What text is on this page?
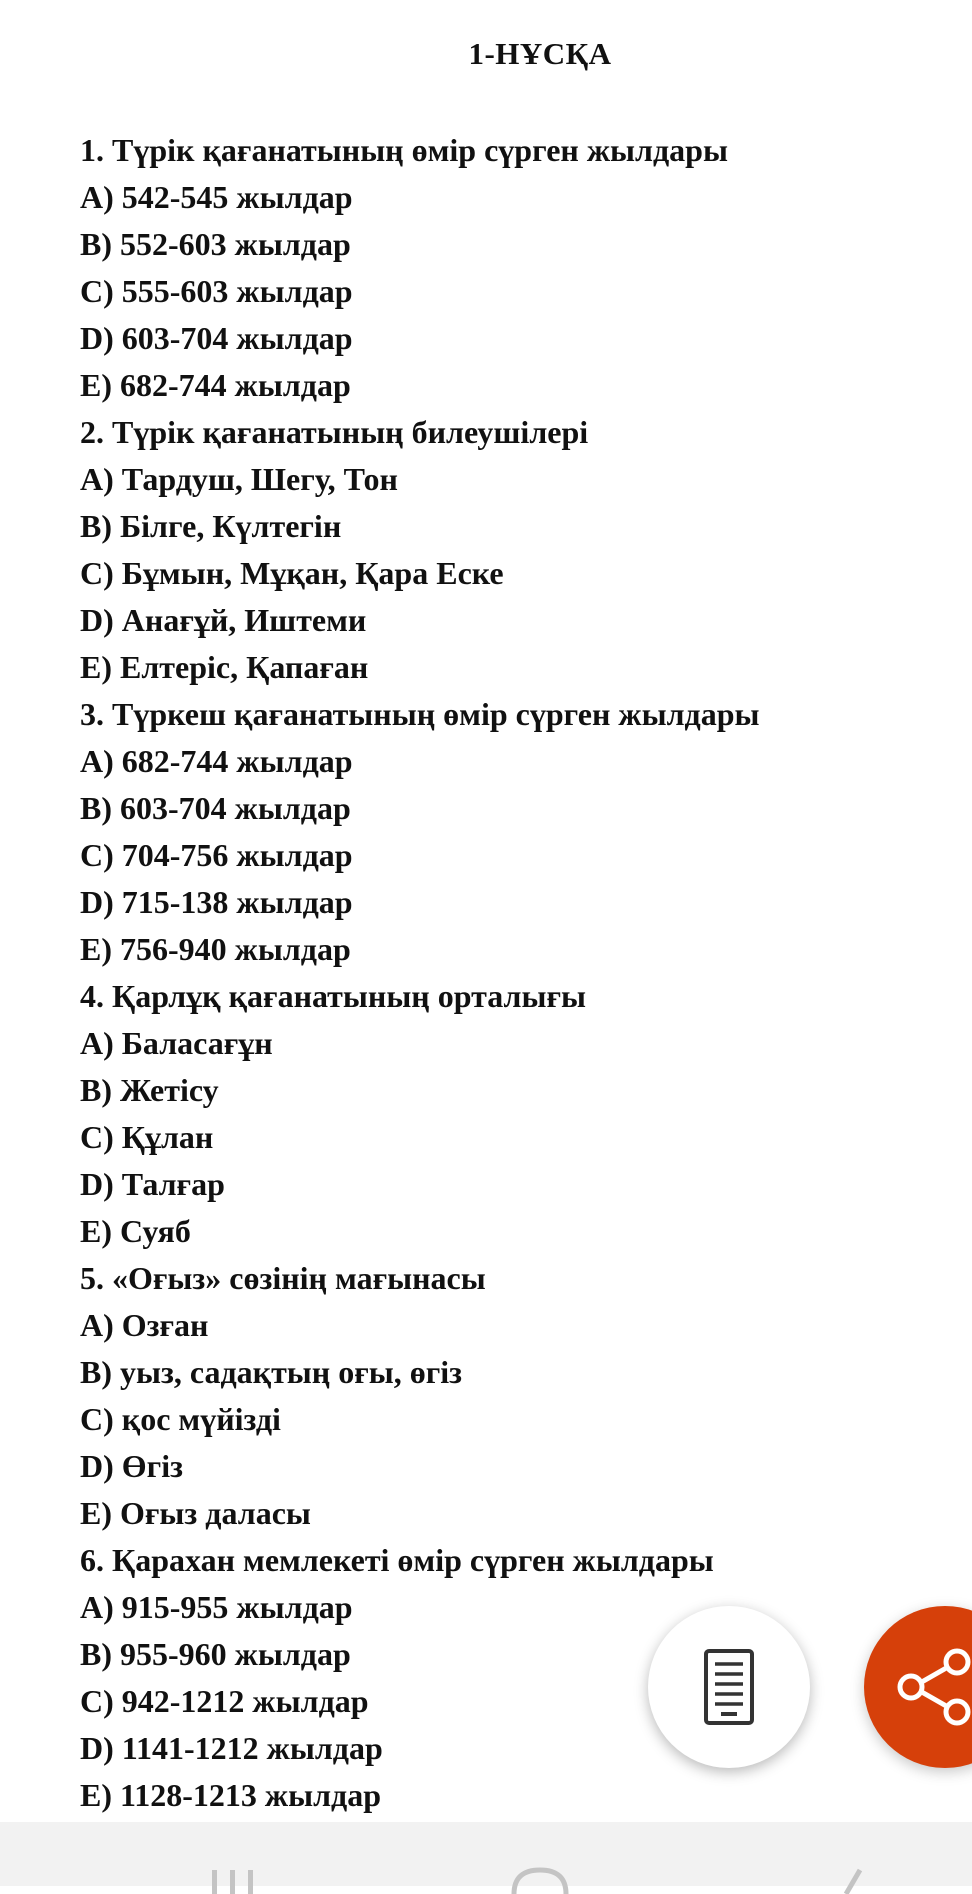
1-НҰСҚА
1. Түрік қағанатының өмір сүрген жылдары
А) 542-545 жылдар
В) 552-603 жылдар
С) 555-603 жылдар
D) 603-704 жылдар
Е) 682-744 жылдар
2. Түрік қағанатының билеушілері
А) Тардуш, Шегу, Тон
В) Білге, Күлтегін
С) Бұмын, Мұқан, Қара Еске
D) Анағұй, Иштеми
Е) Елтеріс, Қапаған
3. Түркеш қағанатының өмір сүрген жылдары
А) 682-744 жылдар
В) 603-704 жылдар
С) 704-756 жылдар
D) 715-138 жылдар
Е) 756-940 жылдар
4. Қарлұқ қағанатының орталығы
А) Баласағұн
В) Жетісу
С) Құлан
D) Талғар
Е) Суяб
5. «Оғыз» сөзінің мағынасы
А) Озған
В) уыз, садақтың оғы, өгіз
С) қос мүйізді
D) Өгіз
Е) Оғыз даласы
6. Қарахан мемлекеті өмір сүрген жылдары
А) 915-955 жылдар
В) 955-960 жылдар
С) 942-1212 жылдар
D) 1141-1212 жылдар
Е) 1128-1213 жылдар
